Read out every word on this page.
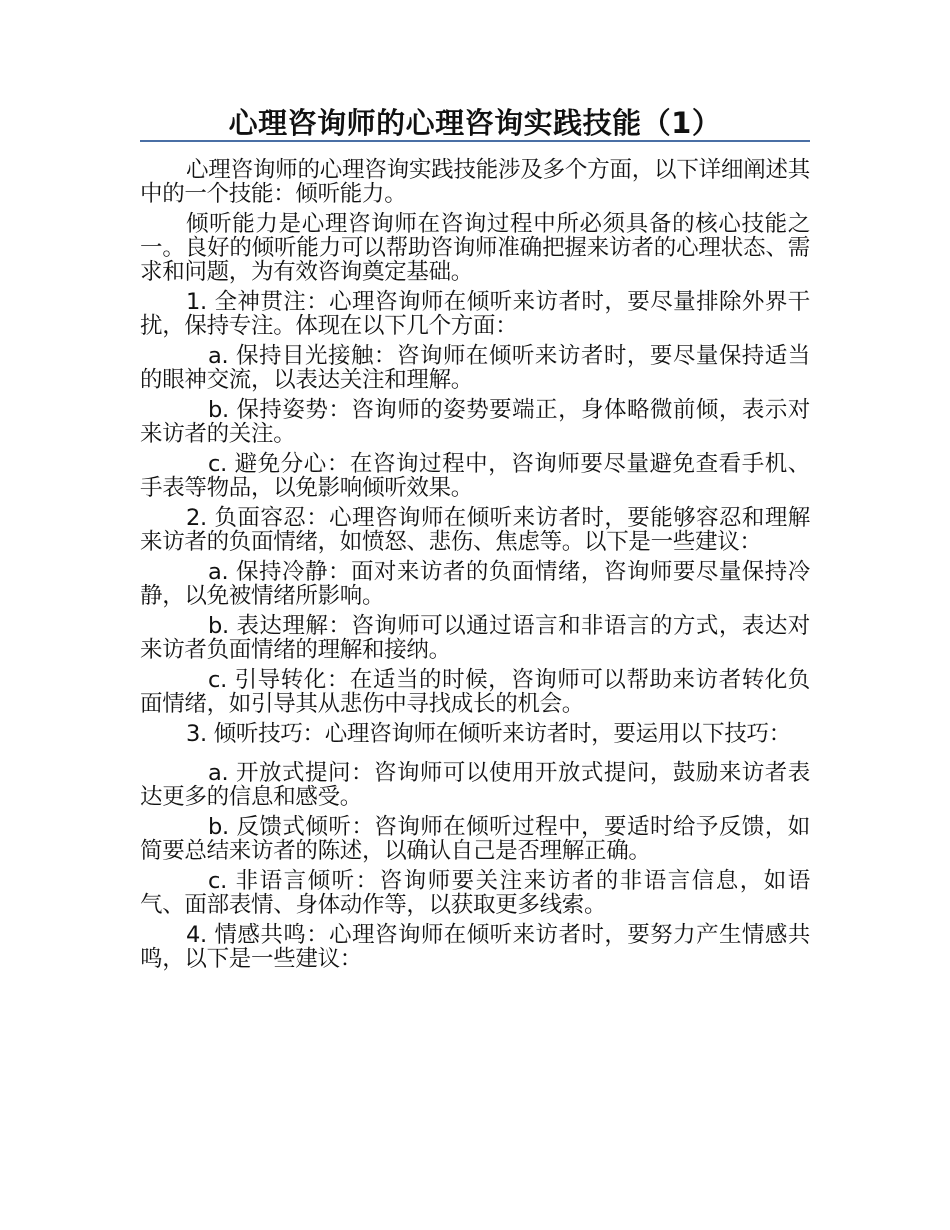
心理咨询师的心理咨询实践技能（1）

心理咨询师的心理咨询实践技能涉及多个方面，以下详细阐述其中的一个技能：倾听能力。

倾听能力是心理咨询师在咨询过程中所必须具备的核心技能之一。良好的倾听能力可以帮助咨询师准确把握来访者的心理状态、需求和问题，为有效咨询奠定基础。

1. 全神贯注：心理咨询师在倾听来访者时，要尽量排除外界干扰，保持专注。体现在以下几个方面：

a. 保持目光接触：咨询师在倾听来访者时，要尽量保持适当的眼神交流，以表达关注和理解。

b. 保持姿势：咨询师的姿势要端正，身体略微前倾，表示对来访者的关注。

c. 避免分心：在咨询过程中，咨询师要尽量避免查看手机、手表等物品，以免影响倾听效果。

2. 负面容忍：心理咨询师在倾听来访者时，要能够容忍和理解来访者的负面情绪，如愤怒、悲伤、焦虑等。以下是一些建议：

a. 保持冷静：面对来访者的负面情绪，咨询师要尽量保持冷静，以免被情绪所影响。

b. 表达理解：咨询师可以通过语言和非语言的方式，表达对来访者负面情绪的理解和接纳。

c. 引导转化：在适当的时候，咨询师可以帮助来访者转化负面情绪，如引导其从悲伤中寻找成长的机会。

3. 倾听技巧：心理咨询师在倾听来访者时，要运用以下技巧：

a. 开放式提问：咨询师可以使用开放式提问，鼓励来访者表达更多的信息和感受。

b. 反馈式倾听：咨询师在倾听过程中，要适时给予反馈，如简要总结来访者的陈述，以确认自己是否理解正确。

c. 非语言倾听：咨询师要关注来访者的非语言信息，如语气、面部表情、身体动作等，以获取更多线索。

4. 情感共鸣：心理咨询师在倾听来访者时，要努力产生情感共鸣，以下是一些建议：
